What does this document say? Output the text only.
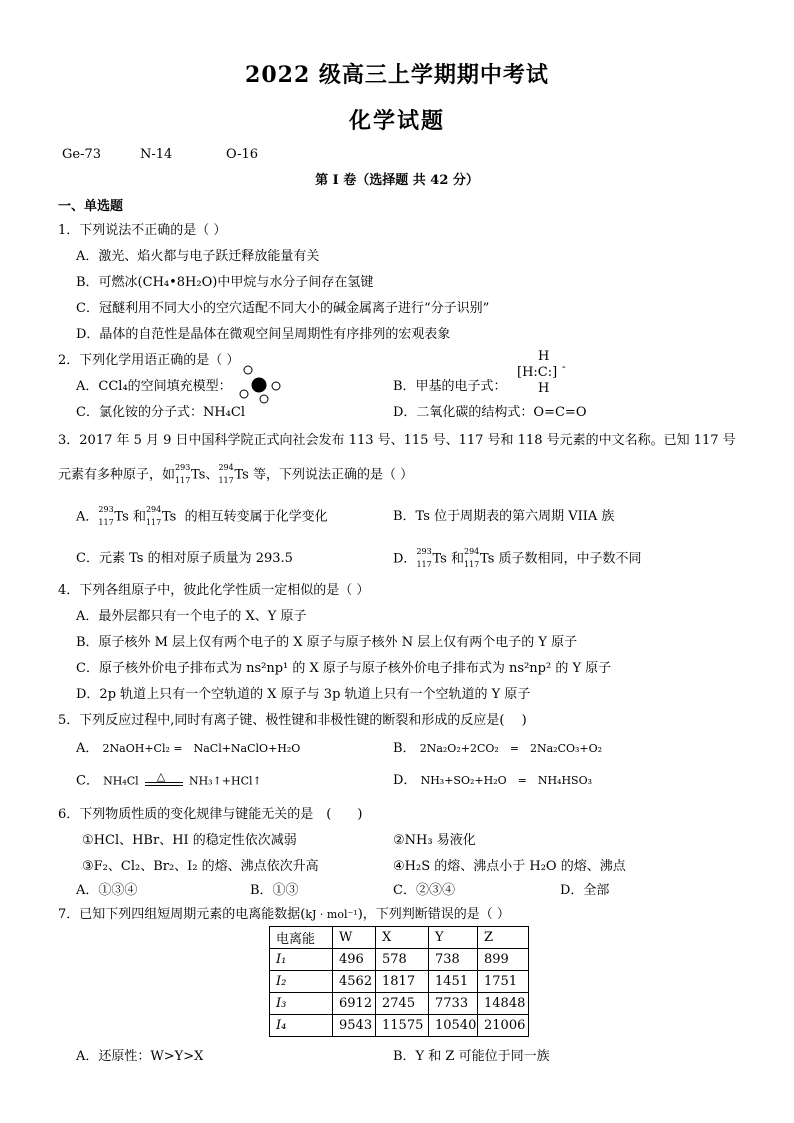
2022 级高三上学期期中考试
化学试题
Ge-73	N-14	O-16
第 I 卷（选择题 共 42 分）
一、单选题
1．下列说法不正确的是（ ）
A．激光、焰火都与电子跃迁释放能量有关
B．可燃冰(CH₄•8H₂O)中甲烷与水分子间存在氢键
C．冠醚利用不同大小的空穴适配不同大小的碱金属离子进行“分子识别”
D．晶体的自范性是晶体在微观空间呈周期性有序排列的宏观表象
2．下列化学用语正确的是（ ）
A．CCl₄的空间填充模型：	B．甲基的电子式：
H
[H:C:] -
H
C．氯化铵的分子式：NH₄Cl	D．二氧化碳的结构式：O=C=O
3．2017 年 5 月 9 日中国科学院正式向社会发布 113 号、115 号、117 号和 118 号元素的中文名称。已知 117 号
元素有多种原子，如 293
117 Ts、 294
117 Ts 等，下列说法正确的是（ ）
A． 293
117 Ts 和 294
117 Ts 的相互转变属于化学变化	B．Ts 位于周期表的第六周期 VIIA 族
C．元素 Ts 的相对原子质量为 293.5	D． 293
117 Ts 和 294
117 Ts 质子数相同，中子数不同
4．下列各组原子中，彼此化学性质一定相似的是（ ）
A．最外层都只有一个电子的 X、Y 原子
B．原子核外 M 层上仅有两个电子的 X 原子与原子核外 N 层上仅有两个电子的 Y 原子
C．原子核外价电子排布式为 ns²np¹ 的 X 原子与原子核外价电子排布式为 ns²np² 的 Y 原子
D．2p 轨道上只有一个空轨道的 X 原子与 3p 轨道上只有一个空轨道的 Y 原子
5．下列反应过程中,同时有离子键、极性键和非极性键的断裂和形成的反应是(　 )
A． 2NaOH+Cl₂ =　NaCl+NaClO+H₂O	B． 2Na₂O₂+2CO₂　=　2Na₂CO₃+O₂
C． NH₄Cl △ NH₃↑+HCl↑	D． NH₃+SO₂+H₂O　=　NH₄HSO₃
6．下列物质性质的变化规律与键能无关的是　(　　)
①HCl、HBr、HI 的稳定性依次减弱	②NH₃ 易液化
③F₂、Cl₂、Br₂、I₂ 的熔、沸点依次升高	④H₂S 的熔、沸点小于 H₂O 的熔、沸点
A．①③④	B．①③	C．②③④	D．全部
7．已知下列四组短周期元素的电离能数据(kJ · mol⁻¹)，下列判断错误的是（ ）
电离能	W	X	Y	Z
I₁	496	578	738	899
I₂	4562	1817	1451	1751
I₃	6912	2745	7733	14848
I₄	9543	11575	10540	21006
A．还原性：W>Y>X	B．Y 和 Z 可能位于同一族
